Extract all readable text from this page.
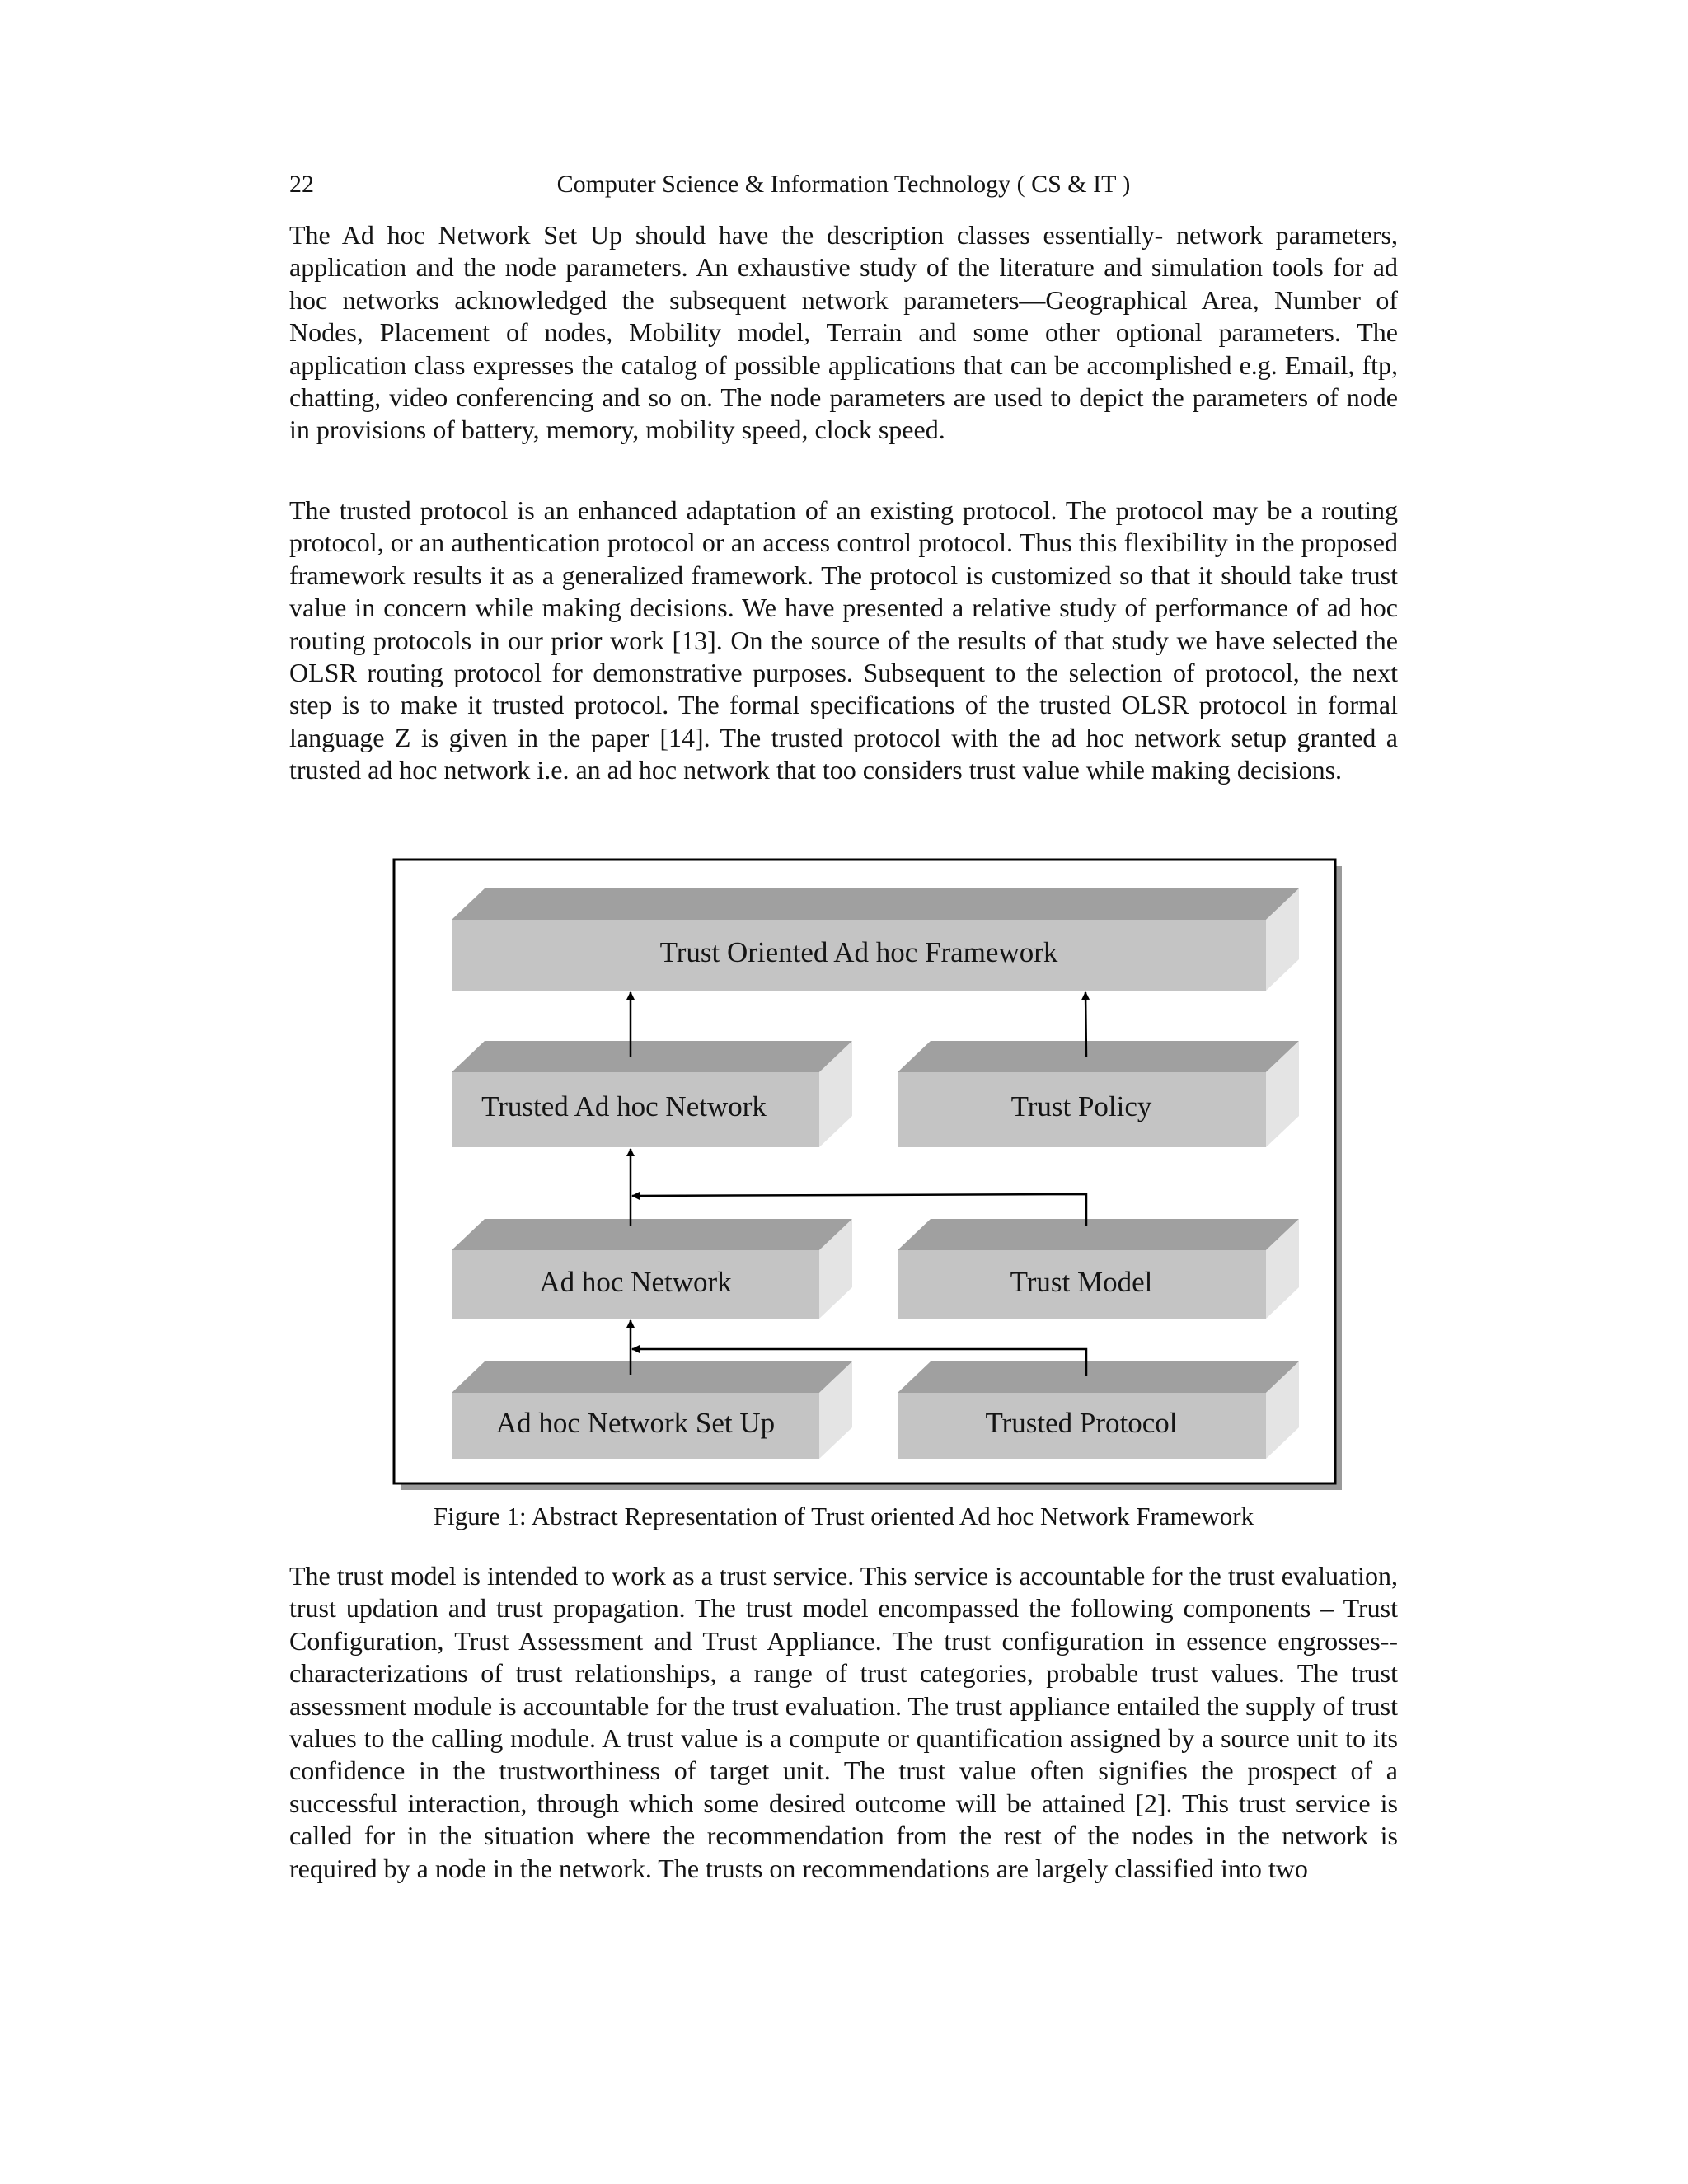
22	Computer Science & Information Technology ( CS & IT )

The Ad hoc Network Set Up should have the description classes essentially- network parameters, application and the node parameters. An exhaustive study of the literature and simulation tools for ad hoc networks acknowledged the subsequent network parameters—Geographical Area, Number of Nodes, Placement of nodes, Mobility model, Terrain and some other optional parameters. The application class expresses the catalog of possible applications that can be accomplished e.g. Email, ftp, chatting, video conferencing and so on. The node parameters are used to depict the parameters of node in provisions of battery, memory, mobility speed, clock speed.

The trusted protocol is an enhanced adaptation of an existing protocol. The protocol may be a routing protocol, or an authentication protocol or an access control protocol. Thus this flexibility in the proposed framework results it as a generalized framework. The protocol is customized so that it should take trust value in concern while making decisions. We have presented a relative study of performance of ad hoc routing protocols in our prior work [13]. On the source of the results of that study we have selected the OLSR routing protocol for demonstrative purposes. Subsequent to the selection of protocol, the next step is to make it trusted protocol. The formal specifications of the trusted OLSR protocol in formal language Z is given in the paper [14]. The trusted protocol with the ad hoc network setup granted a trusted ad hoc network i.e. an ad hoc network that too considers trust value while making decisions.

Trust Oriented Ad hoc Framework
Trusted Ad hoc Network	Trust Policy
Ad hoc Network	Trust Model
Ad hoc Network Set Up	Trusted Protocol
Figure 1: Abstract Representation of Trust oriented Ad hoc Network Framework

The trust model is intended to work as a trust service. This service is accountable for the trust evaluation, trust updation and trust propagation. The trust model encompassed the following components – Trust Configuration, Trust Assessment and Trust Appliance. The trust configuration in essence engrosses-- characterizations of trust relationships, a range of trust categories, probable trust values. The trust assessment module is accountable for the trust evaluation. The trust appliance entailed the supply of trust values to the calling module. A trust value is a compute or quantification assigned by a source unit to its confidence in the trustworthiness of target unit. The trust value often signifies the prospect of a successful interaction, through which some desired outcome will be attained [2]. This trust service is called for in the situation where the recommendation from the rest of the nodes in the network is required by a node in the network. The trusts on recommendations are largely classified into two
